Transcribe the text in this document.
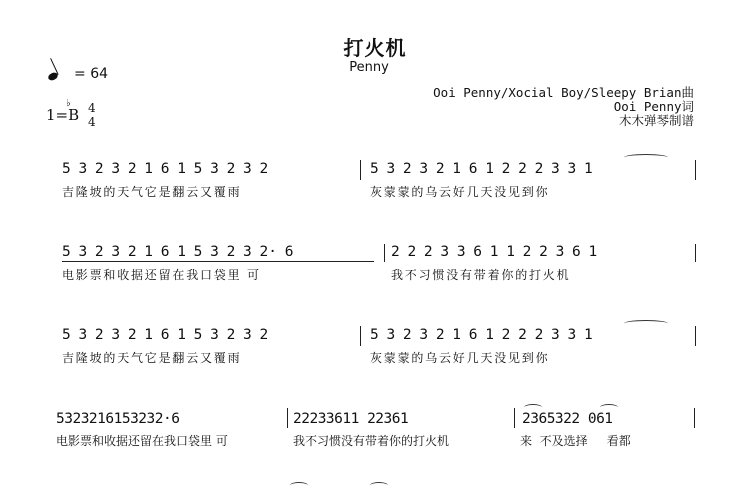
打火机
Penny
= 64
1=
♭
B 4
4
Ooi Penny/Xocial Boy/Sleepy Brian曲
Ooi Penny词
木木弹琴制谱
5 3 2 3 2 1 6 1 5 3 2 3 2	5 3 2 3 2 1 6 1 2 2 2 3 3 1
吉隆坡的天气它是翻云又覆雨	灰蒙蒙的乌云好几天没见到你
5 3 2 3 2 1 6 1 5 3 2 3 2· 6	2 2 2 3 3 6 1 1 2 2 3 6 1
电影票和收据还留在我口袋里 可	我不习惯没有带着你的打火机
5 3 2 3 2 1 6 1 5 3 2 3 2	5 3 2 3 2 1 6 1 2 2 2 3 3 1
吉隆坡的天气它是翻云又覆雨	灰蒙蒙的乌云好几天没见到你
5323216153232·6	22233611 22361	2365322 061
电影票和收据还留在我口袋里 可	我不习惯没有带着你的打火机	来  不及选择     看都
